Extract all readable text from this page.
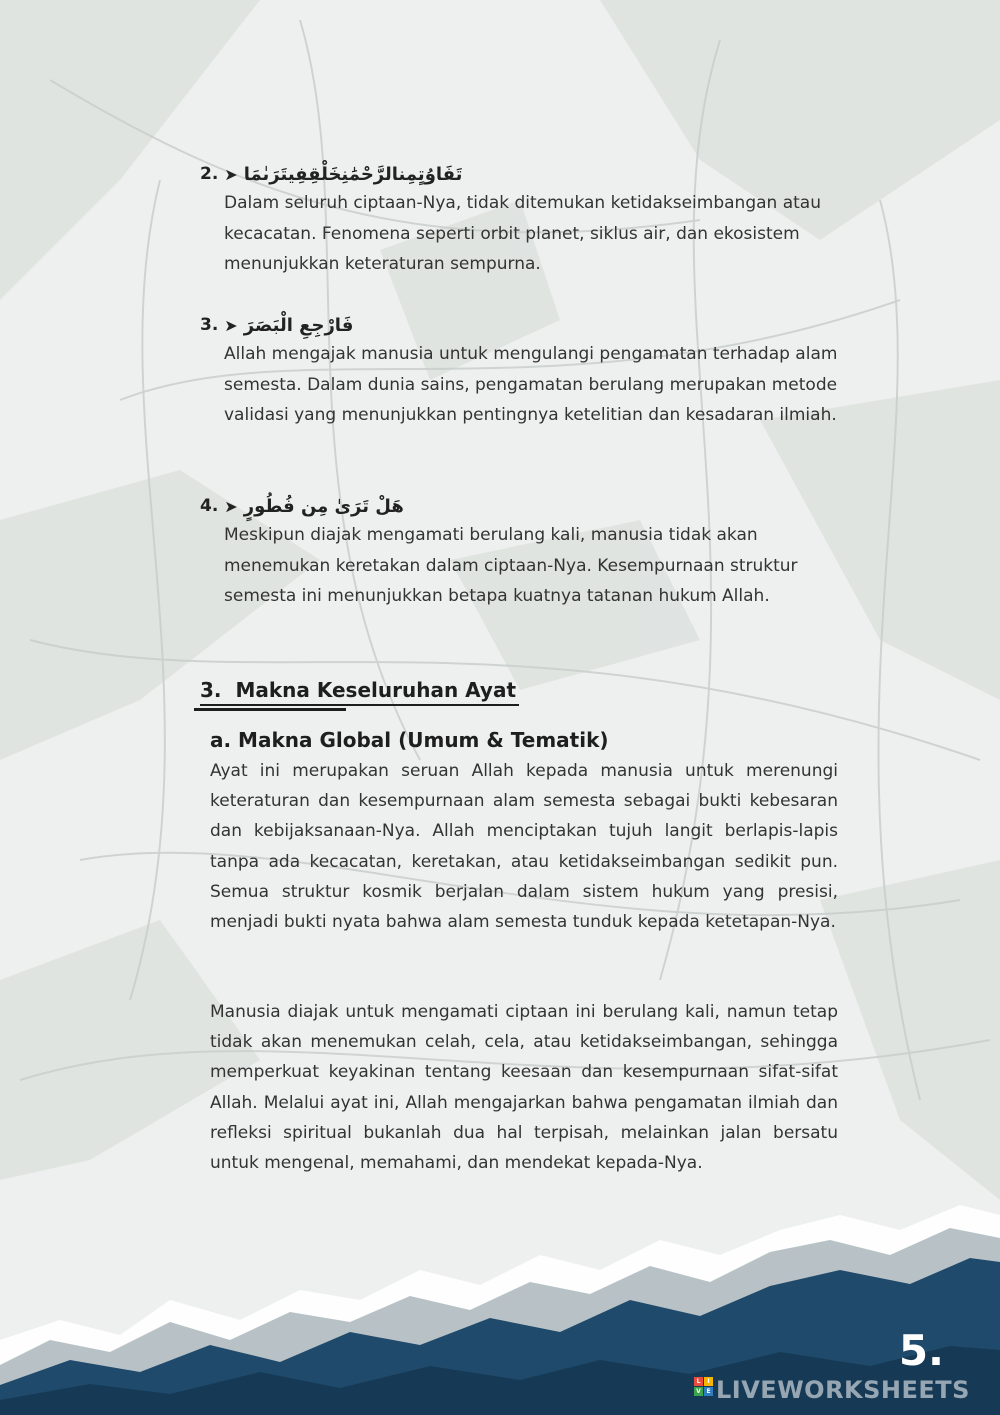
2. ➤ تَفَاوُتٍمِنالرَّحْمَٰنِخَلْقِفِيتَرَىٰمَا
Dalam seluruh ciptaan-Nya, tidak ditemukan ketidakseimbangan atau kecacatan. Fenomena seperti orbit planet, siklus air, dan ekosistem menunjukkan keteraturan sempurna.
3. ➤ فَارْجِعِ الْبَصَرَ
Allah mengajak manusia untuk mengulangi pengamatan terhadap alam semesta. Dalam dunia sains, pengamatan berulang merupakan metode validasi yang menunjukkan pentingnya ketelitian dan kesadaran ilmiah.
4. ➤ هَلْ تَرَىٰ مِن فُطُورٍ
Meskipun diajak mengamati berulang kali, manusia tidak akan menemukan keretakan dalam ciptaan-Nya. Kesempurnaan struktur semesta ini menunjukkan betapa kuatnya tatanan hukum Allah.
3.  Makna Keseluruhan Ayat
a. Makna Global (Umum & Tematik)
Ayat ini merupakan seruan Allah kepada manusia untuk merenungi keteraturan dan kesempurnaan alam semesta sebagai bukti kebesaran dan kebijaksanaan-Nya. Allah menciptakan tujuh langit berlapis-lapis tanpa ada kecacatan, keretakan, atau ketidakseimbangan sedikit pun. Semua struktur kosmik berjalan dalam sistem hukum yang presisi, menjadi bukti nyata bahwa alam semesta tunduk kepada ketetapan-Nya.
Manusia diajak untuk mengamati ciptaan ini berulang kali, namun tetap tidak akan menemukan celah, cela, atau ketidakseimbangan, sehingga memperkuat keyakinan tentang keesaan dan kesempurnaan sifat-sifat Allah. Melalui ayat ini, Allah mengajarkan bahwa pengamatan ilmiah dan refleksi spiritual bukanlah dua hal terpisah, melainkan jalan bersatu untuk mengenal, memahami, dan mendekat kepada-Nya.
5.
L	I
V E LIVEWORKSHEETS
